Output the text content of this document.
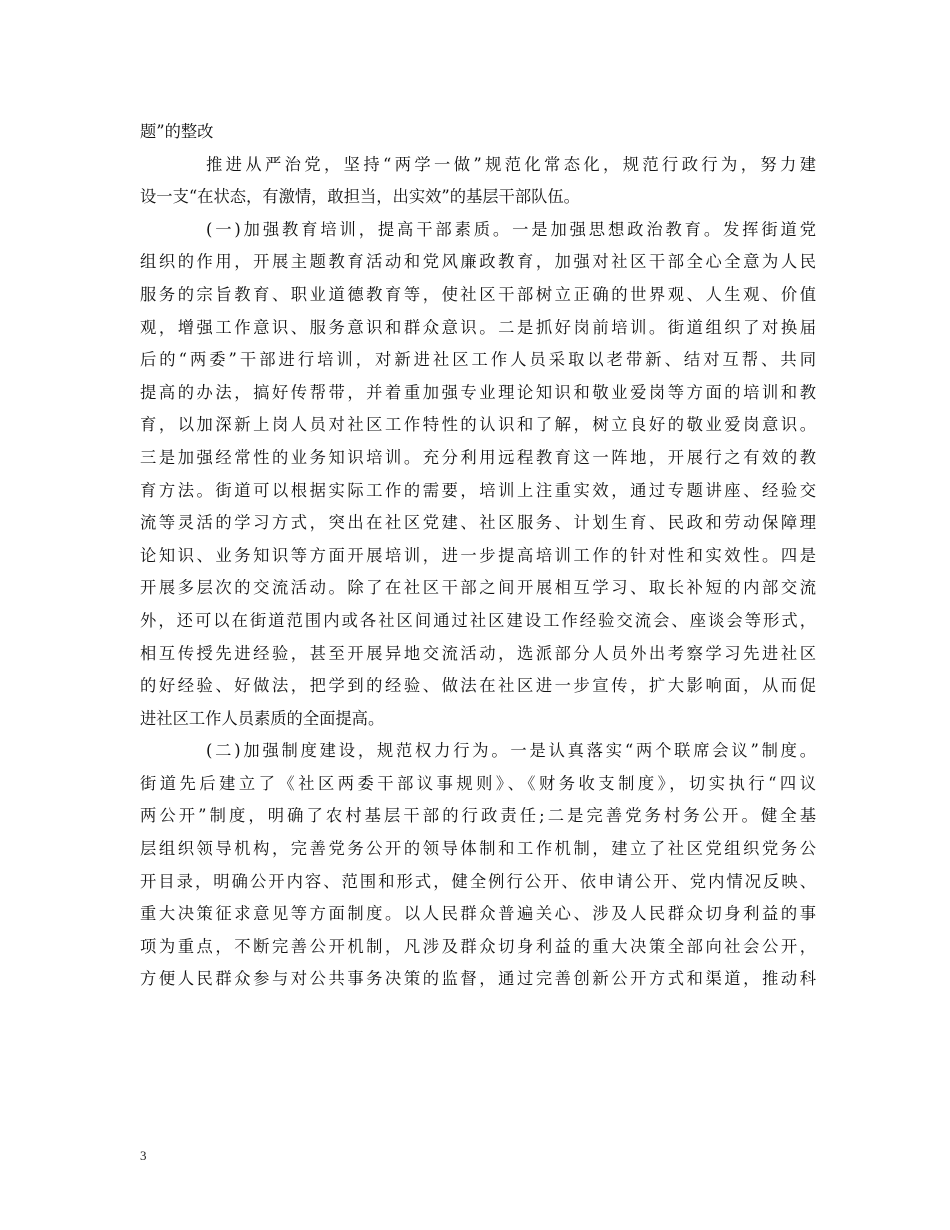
题”的整改
推进从严治党，坚持“两学一做”规范化常态化，规范行政行为，努力建
设一支“在状态，有激情，敢担当，出实效”的基层干部队伍。
(一)加强教育培训，提高干部素质。一是加强思想政治教育。发挥街道党
组织的作用，开展主题教育活动和党风廉政教育，加强对社区干部全心全意为人民
服务的宗旨教育、职业道德教育等，使社区干部树立正确的世界观、人生观、价值
观，增强工作意识、服务意识和群众意识。二是抓好岗前培训。街道组织了对换届
后的“两委”干部进行培训，对新进社区工作人员采取以老带新、结对互帮、共同
提高的办法，搞好传帮带，并着重加强专业理论知识和敬业爱岗等方面的培训和教
育，以加深新上岗人员对社区工作特性的认识和了解，树立良好的敬业爱岗意识。
三是加强经常性的业务知识培训。充分利用远程教育这一阵地，开展行之有效的教
育方法。街道可以根据实际工作的需要，培训上注重实效，通过专题讲座、经验交
流等灵活的学习方式，突出在社区党建、社区服务、计划生育、民政和劳动保障理
论知识、业务知识等方面开展培训，进一步提高培训工作的针对性和实效性。四是
开展多层次的交流活动。除了在社区干部之间开展相互学习、取长补短的内部交流
外，还可以在街道范围内或各社区间通过社区建设工作经验交流会、座谈会等形式，
相互传授先进经验，甚至开展异地交流活动，选派部分人员外出考察学习先进社区
的好经验、好做法，把学到的经验、做法在社区进一步宣传，扩大影响面，从而促
进社区工作人员素质的全面提高。
(二)加强制度建设，规范权力行为。一是认真落实“两个联席会议”制度。
街道先后建立了《社区两委干部议事规则》、《财务收支制度》，切实执行“四议
两公开”制度，明确了农村基层干部的行政责任;二是完善党务村务公开。健全基
层组织领导机构，完善党务公开的领导体制和工作机制，建立了社区党组织党务公
开目录，明确公开内容、范围和形式，健全例行公开、依申请公开、党内情况反映、
重大决策征求意见等方面制度。以人民群众普遍关心、涉及人民群众切身利益的事
项为重点，不断完善公开机制，凡涉及群众切身利益的重大决策全部向社会公开，
方便人民群众参与对公共事务决策的监督，通过完善创新公开方式和渠道，推动科
3
